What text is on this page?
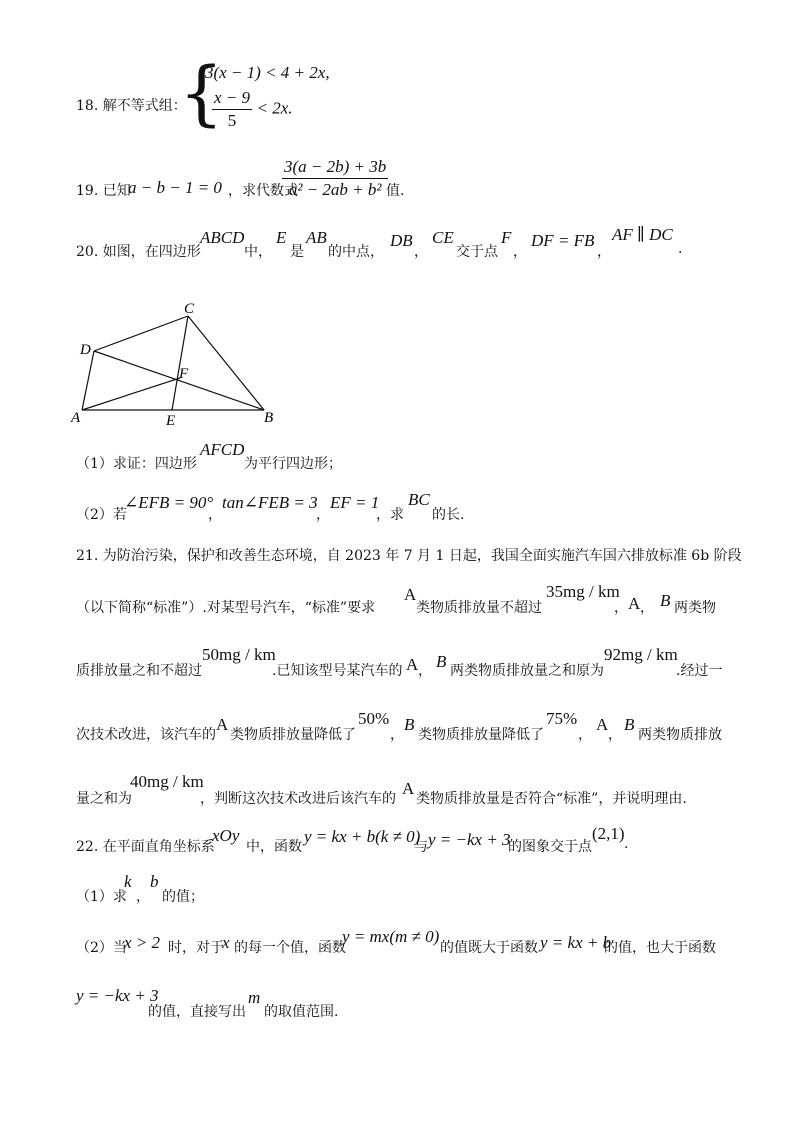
18. 解不等式组：
{
3(x − 1) < 4 + 2x,
$\frac{x - 9}{5} < 2x$.
19. 已知
a − b − 1 = 0 ，求代数式
$\frac{3(a - 2b) + 3b}{\text{a² − 2ab + b²}}$
值.
20. 如图，在四边形
ABCD
中，
E
是
AB
的中点，
DB
，
CE
交于点
F
，
DF = FB
，
AF ∥ DC
.
C
D
F
A	E	B
（1）求证：四边形
AFCD
为平行四边形；
（2）若
∠EFB = 90°
，
tan∠FEB = 3
，
EF = 1
，求
BC
的长.
21. 为防治污染，保护和改善生态环境，自 2023 年 7 月 1 日起，我国全面实施汽车国六排放标准 6b 阶段
（以下简称“标准”）.对某型号汽车，“标准”要求
A
类物质排放量不超过
35mg / km
， A ， B 两类物
质排放量之和不超过
50mg / km
.已知该型号某汽车的 A ， B 两类物质排放量之和原为
92mg / km
.经过一
次技术改进，该汽车的
A
类物质排放量降低了
50%
，
B
类物质排放量降低了
75%
，
A
，
B
两类物质排放
量之和为
40mg / km
，判断这次技术改进后该汽车的
A
类物质排放量是否符合“标准”，并说明理由.
22. 在平面直角坐标系
xOy
中，函数
y = kx + b(k ≠ 0)
与 y = −kx + 3
的图象交于点
(2,1)
.
（1）求
k
，
b
的值；
（2）当
x > 2 时，对于
x 的每一个值，函数
y = mx(m ≠ 0)
的值既大于函数 y = kx + b
的值，也大于函数
y = −kx + 3
的值，直接写出
m
的取值范围.
